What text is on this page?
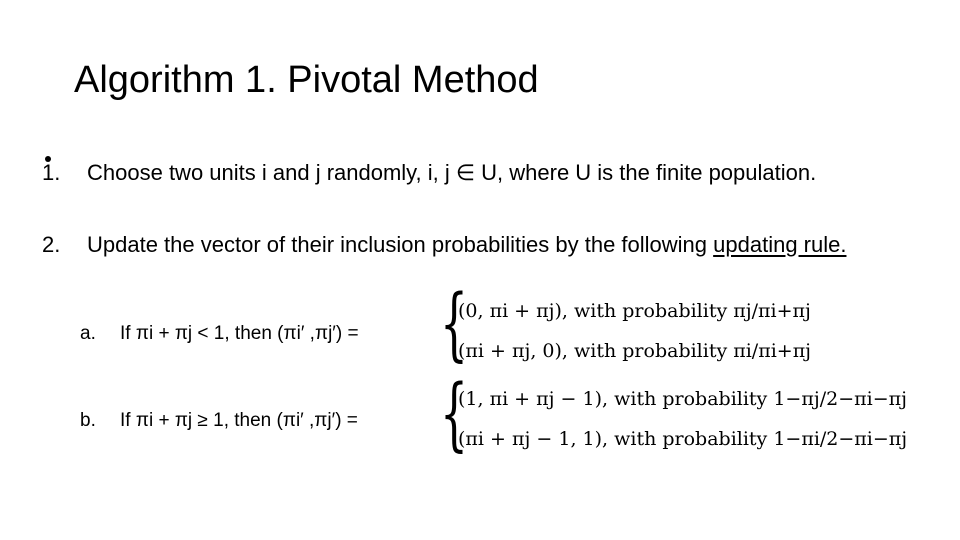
Algorithm 1. Pivotal Method
1. Choose two units i and j randomly, i, j ∈ U, where U is the finite population.
2. Update the vector of their inclusion probabilities by the following updating rule.
a.	If πi + πj < 1, then (πi′ ,πj′) = {
(0, πi + πj), with probability πj/πi+πj
(πi + πj, 0), with probability πi/πi+πj
b.	If πi + πj ≥ 1, then (πi′ ,πj′) = {
(1, πi + πj − 1), with probability 1−πj/2−πi−πj
(πi + πj − 1, 1), with probability 1−πi/2−πi−πj
